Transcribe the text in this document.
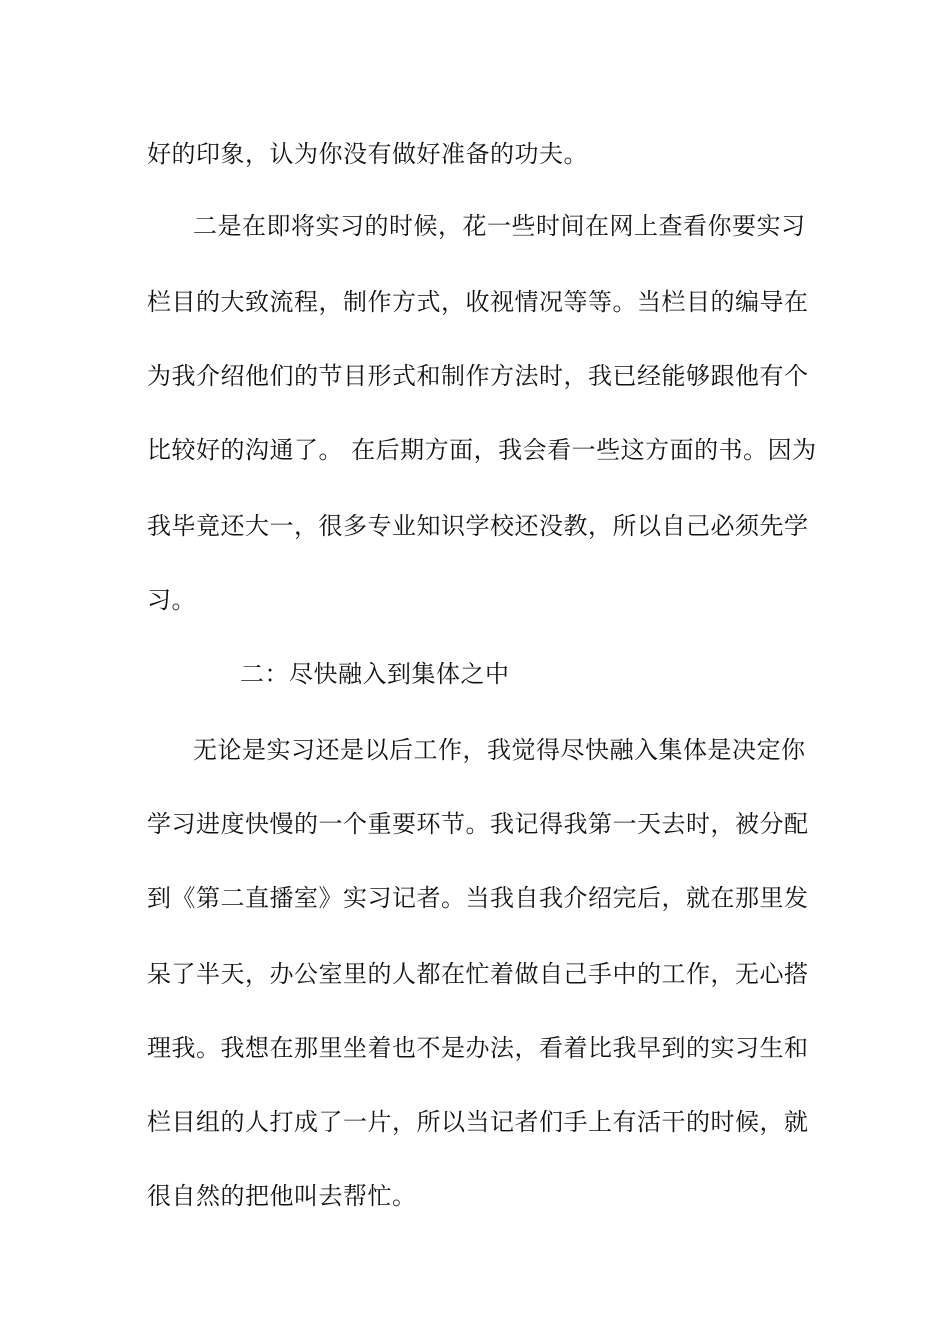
好的印象，认为你没有做好准备的功夫。

二是在即将实习的时候，花一些时间在网上查看你要实习

栏目的大致流程，制作方式，收视情况等等。当栏目的编导在

为我介绍他们的节目形式和制作方法时，我已经能够跟他有个

比较好的沟通了。 在后期方面，我会看一些这方面的书。因为

我毕竟还大一，很多专业知识学校还没教，所以自己必须先学

习。

二：尽快融入到集体之中

无论是实习还是以后工作，我觉得尽快融入集体是决定你

学习进度快慢的一个重要环节。我记得我第一天去时，被分配

到《第二直播室》实习记者。当我自我介绍完后，就在那里发

呆了半天，办公室里的人都在忙着做自己手中的工作，无心搭

理我。我想在那里坐着也不是办法，看着比我早到的实习生和

栏目组的人打成了一片，所以当记者们手上有活干的时候，就

很自然的把他叫去帮忙。
